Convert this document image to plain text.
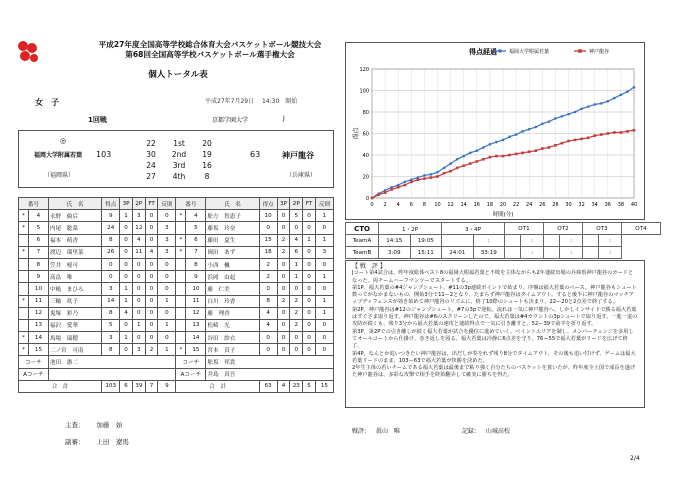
平成27年度全国高等学校総合体育大会バスケットボール競技大会
第68回全国高等学校バスケットボール選手権大会
個人トータル表
女　子	平成27年7月29日　 14:30　開始
1回戦	京都学園大学	J
◎
福岡大学附属若葉 103
（福岡県）
22 1st 20
30 2nd 19
24 3rd 16
27 4th	8
63	神戸龍谷
（兵庫県）
番号		氏　名	得点	3P	2P	FT	反則	番号		氏　名	得点	3P	2P	FT	反則
*	4	永野　倫后	9	1	3	0	0	*	4	舩方　智恵子	10	0	5	0	1
*	5	内尾　聡菜	24	0	12	0	3		5	藤坂　玲奈	0	0	0	0	0
	6	福本　萌香	8	0	4	0	3	*	6	藤田　夏生	15	2	4	1	1
*	7	渡辺　瑠里菜	26	0	11	4	3	*	7	岡田　あず	18	2	6	0	3
	8	笠井　桜可	0	0	0	0	0		8	小西　楓	2	0	1	0	0
	9	高畠　唯	0	0	0	0	0		9	浜岡　由起	2	0	1	0	1
	10	中嶋　まひろ	3	1	0	0	0		10	藤　仁美	0	0	0	0	0
*	11	三輪　眞子	14	1	0	0	1		11	白川　玲香	8	2	2	0	1
	12	鬼塚　彩乃	8	4	0	0	0		12	藤　理香	4	0	2	0	1
	13	福沢　愛華	5	0	1	0	1		13	松崎　光	4	0	2	0	0
*	14	馬場　瑞穂	3	1	0	0	0		14	谷田　紗衣	0	0	0	0	0
*	15	二ノ宮　可南	8	0	3	2	1	*	15	宮本　真子	0	0	0	0	0
コーチ		池田　憲二						コーチ		舩坂　邦貴					
Aコーチ								Aコーチ		井島　真吾					
合　計			103	6	39	7	9	合　計			63	4	23	5	15
主査：　　 加藤　始
副審：　　 上田　遼馬
得点経過 福岡大学附属若葉	神戸龍谷
0
20
40
60
80
100
120
0 2 4 6 8 10 12 14 16 18 20 22 24 26 28 30 32 34 36 38 40
時間(分)
得点
CTO	1・2P		3・4P		OT1		OT2		OT3		OT4
TeamA	14:15	19:05		:		:		:		:	
TeamB	3:09	15:11	24:01	33:19		:		:		:	
【 戦　評 】

Jコート第4試合は、昨年度総体ベスト8の福岡大附属若葉と不敗を主体ながらも2年連続出場の兵庫県神戸龍谷のカードとなった。両チームハーフマンツーでスタートする。

第1P、福大若葉の#4ジャンプシュート、#11の3p連続ポイントで始まり、序盤は福大若葉のペース。神戸龍谷もシュート数ってがなかまないもの、開始3分で11ー2となり、たまらず神戸龍谷はタイムアウト。すると後半に神戸龍谷のマッチアップディフェンスが効き始めて神戸龍谷のリズムに、終了10際のシュートも決まり、22ー20と2点差で終了する。

第2P、神戸龍谷は#12のジャンプシュート、#7の3pで逆転。流れは一気に神戸龍谷へ。しかしインサイドで勝る福大若葉はすぐさま取り返す。神戸龍谷は#6のスクリーンしたので、福大若葉は#4カウントの3pシュートで取り返す。一進一退の攻防が続くも、残り3分から福大若葉の速攻と連続得点で一気に引き離すと、52ー39で前半を折り返す。

第3P、第2Pでの引き離しが続く福大若葉が試合を優位に進めていく。ベイントエリアを制し、メンバーチェンジを多用してオールコートから仕掛け、巻き返しを図る。福大若葉は冷静に6点差を守り、76ー55で福大若葉がリードを広げて終了。

第4P、なんとか追いつきたい神戸龍谷は、出だしが奏をれず残り8分でタイムアウト。その後も追い付けず、ゲームは福大若葉リードのまま、103ー63で福大若葉が快勝を決めた。

2年生主体の若いチームである福大若葉は最後まで粘り強く自分たちのバスケットを貫いたが、昨年度全上国で成長を遂げた神戸龍谷は、多彩な攻撃で相手を終始翻弄して確実に勝ちを得た。

戦評： 眞山　唯	記録： 山城高校
2/4
